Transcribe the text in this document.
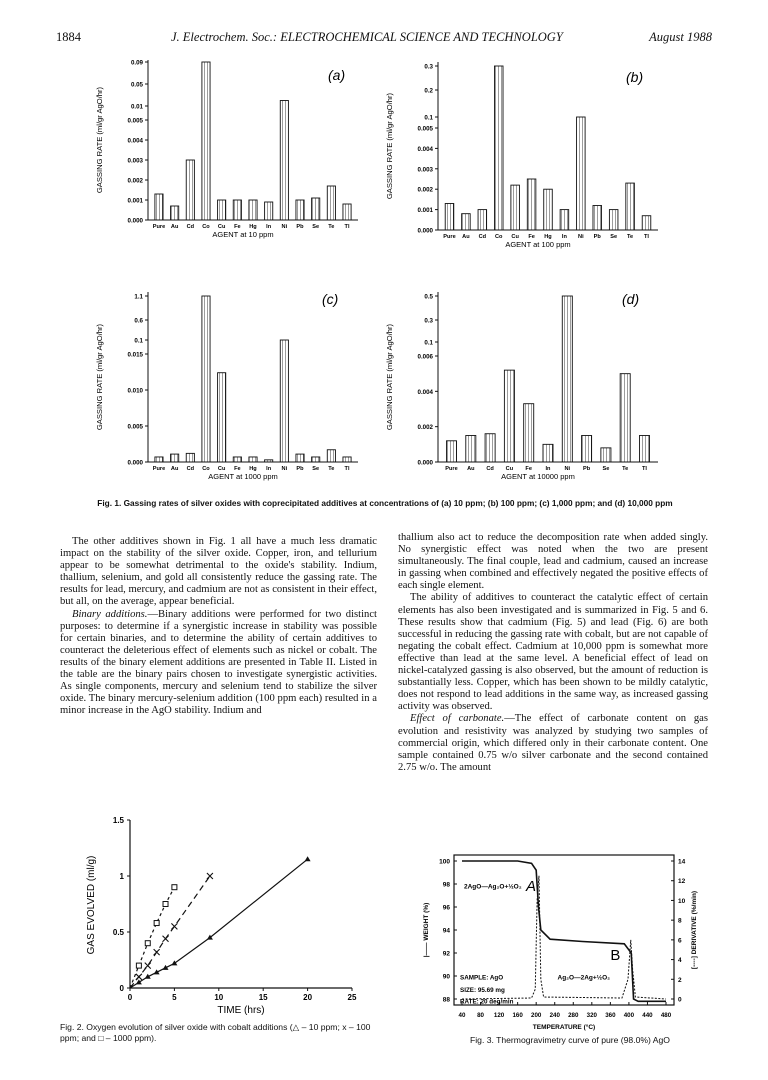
1884	J. Electrochem. Soc.: ELECTROCHEMICAL SCIENCE AND TECHNOLOGY	August 1988
0.000
0.001
0.002
0.003
0.004
0.005
0.01
0.05
0.09
Pure Au Cd Co Cu Fe Hg In Ni Pb Se Te Tl
AGENT at 10 ppm
GASSING RATE (ml/gr AgO/hr)
(a)
0.000
0.001
0.002
0.003
0.004
0.005
0.1
0.2
0.3
Pure Au Cd Co Cu Fe Hg In Ni Pb Se Te Tl
AGENT at 100 ppm
GASSING RATE (ml/gr AgO/hr)
(b)
0.000
0.005
0.010
0.015
0.1
0.6
1.1
Pure Au Cd Co Cu Fe Hg In Ni Pb Se Te Tl
AGENT at 1000 ppm
GASSING RATE (ml/gr AgO/hr)
(c)
0.000
0.002
0.004
0.006
0.1
0.3
0.5
Pure Au Cd Cu Fe In	Ni Pb Se Te Tl
AGENT at 10000 ppm
GASSING RATE (ml/gr AgO/hr)
(d)
Fig. 1. Gassing rates of silver oxides with coprecipitated additives at concentrations of (a) 10 ppm; (b) 100 ppm; (c) 1,000 ppm; and (d) 10,000 ppm

The other additives shown in Fig. 1 all have a much less dramatic impact on the stability of the silver oxide. Copper, iron, and tellurium appear to be somewhat detrimental to the oxide's stability. Indium, thallium, selenium, and gold all consistently reduce the gassing rate. The results for lead, mercury, and cadmium are not as consistent in their effect, but all, on the average, appear beneficial.

Binary additions.—Binary additions were performed for two distinct purposes: to determine if a synergistic increase in stability was possible for certain binaries, and to determine the ability of certain additives to counteract the deleterious effect of elements such as nickel or cobalt. The results of the binary element additions are presented in Table II. Listed in the table are the binary pairs chosen to investigate synergistic activities. As single components, mercury and selenium tend to stabilize the silver oxide. The binary mercury-selenium addition (100 ppm each) resulted in a minor increase in the AgO stability. Indium and

thallium also act to reduce the decomposition rate when added singly. No synergistic effect was noted when the two are present simultaneously. The final couple, lead and cadmium, caused an increase in gassing when combined and effectively negated the positive effects of each single element.

The ability of additives to counteract the catalytic effect of certain elements has also been investigated and is summarized in Fig. 5 and 6. These results show that cadmium (Fig. 5) and lead (Fig. 6) are both successful in reducing the gassing rate with cobalt, but are not capable of negating the cobalt effect. Cadmium at 10,000 ppm is somewhat more effective than lead at the same level. A beneficial effect of lead on nickel-catalyzed gassing is also observed, but the amount of reduction is substantially less. Copper, which has been shown to be mildly catalytic, does not respond to lead additions in the same way, as increased gassing activity was observed.

Effect of carbonate.—The effect of carbonate content on gas evolution and resistivity was analyzed by studying two samples of commercial origin, which differed only in their carbonate content. One sample contained 0.75 w/o silver carbonate and the second contained 2.75 w/o. The amount

0	5	10	15	20	25
0
0.5
1
1.5
TIME (hrs)
GAS EVOLVED (ml/g)
Fig. 2. Oxygen evolution of silver oxide with cobalt additions (△ – 10 ppm; x – 100 ppm; and □ – 1000 ppm).
40 80 120 160 200 240 280 320 360 400 440 480
88
90
92
94
96
98
100
0
2
4
6
8
10
12
14
TEMPERATURE (°C)
|—— WEIGHT (%)	[----] DERIVATIVE (%/min)
2AgO—Ag₂O+½O₂ A
Ag₂O—2Ag+½O₂
B
SAMPLE: AgO
SIZE: 95.69 mg
RATE: 20 deg/min
Fig. 3. Thermogravimetry curve of pure (98.0%) AgO
